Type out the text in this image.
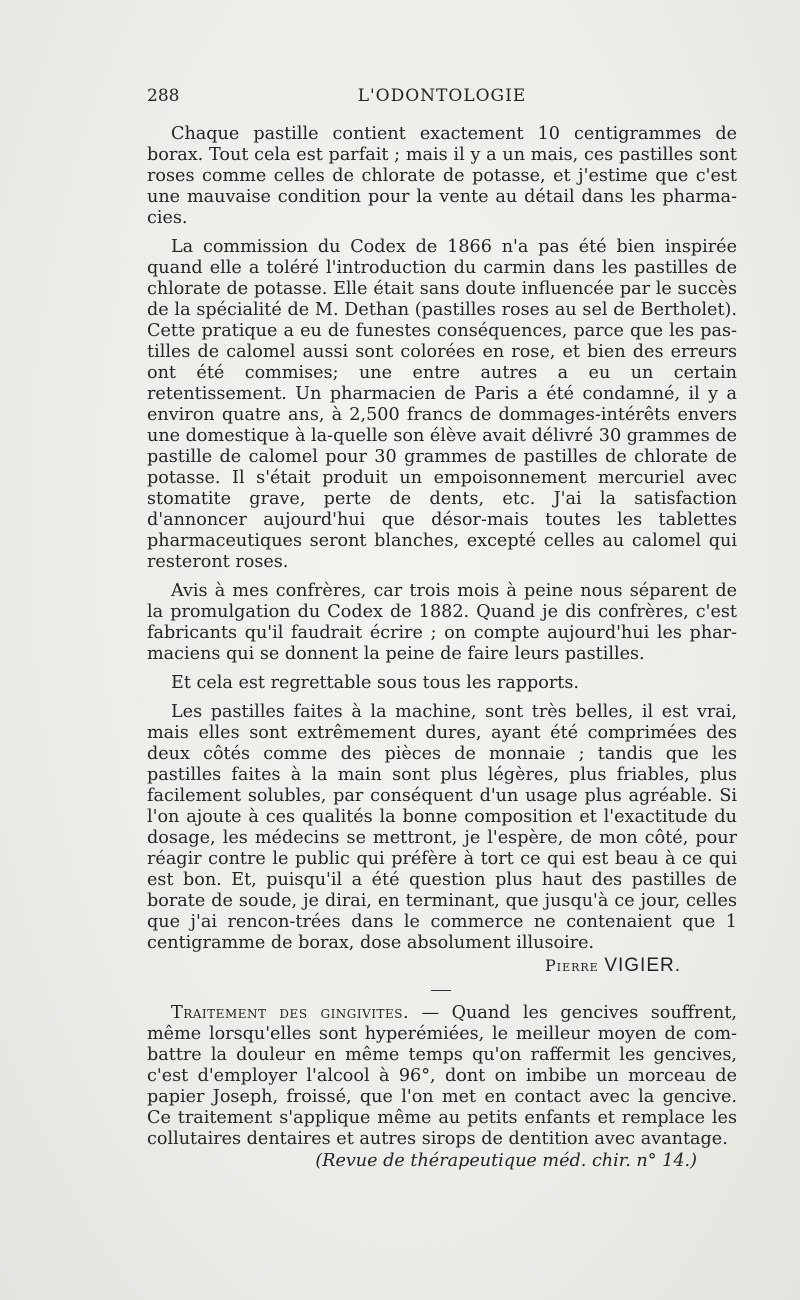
288	L'ODONTOLOGIE

Chaque pastille contient exactement 10 centigrammes de borax. Tout cela est parfait ; mais il y a un mais, ces pastilles sont roses comme celles de chlorate de potasse, et j'estime que c'est une mauvaise condition pour la vente au détail dans les pharma-cies.

La commission du Codex de 1866 n'a pas été bien inspirée quand elle a toléré l'introduction du carmin dans les pastilles de chlorate de potasse. Elle était sans doute influencée par le succès de la spécialité de M. Dethan (pastilles roses au sel de Bertholet). Cette pratique a eu de funestes conséquences, parce que les pas-tilles de calomel aussi sont colorées en rose, et bien des erreurs ont été commises; une entre autres a eu un certain retentissement. Un pharmacien de Paris a été condamné, il y a environ quatre ans, à 2,500 francs de dommages-intérêts envers une domestique à la-quelle son élève avait délivré 30 grammes de pastille de calomel pour 30 grammes de pastilles de chlorate de potasse. Il s'était produit un empoisonnement mercuriel avec stomatite grave, perte de dents, etc. J'ai la satisfaction d'annoncer aujourd'hui que désor-mais toutes les tablettes pharmaceutiques seront blanches, excepté celles au calomel qui resteront roses.

Avis à mes confrères, car trois mois à peine nous séparent de la promulgation du Codex de 1882. Quand je dis confrères, c'est fabricants qu'il faudrait écrire ; on compte aujourd'hui les phar-maciens qui se donnent la peine de faire leurs pastilles.

Et cela est regrettable sous tous les rapports.

Les pastilles faites à la machine, sont très belles, il est vrai, mais elles sont extrêmement dures, ayant été comprimées des deux côtés comme des pièces de monnaie ; tandis que les pastilles faites à la main sont plus légères, plus friables, plus facilement solubles, par conséquent d'un usage plus agréable. Si l'on ajoute à ces qualités la bonne composition et l'exactitude du dosage, les médecins se mettront, je l'espère, de mon côté, pour réagir contre le public qui préfère à tort ce qui est beau à ce qui est bon. Et, puisqu'il a été question plus haut des pastilles de borate de soude, je dirai, en terminant, que jusqu'à ce jour, celles que j'ai rencon-trées dans le commerce ne contenaient que 1 centigramme de borax, dose absolument illusoire.

Pierre VIGIER.

Traitement des gingivites. — Quand les gencives souffrent, même lorsqu'elles sont hyperémiées, le meilleur moyen de com-battre la douleur en même temps qu'on raffermit les gencives, c'est d'employer l'alcool à 96°, dont on imbibe un morceau de papier Joseph, froissé, que l'on met en contact avec la gencive. Ce traitement s'applique même au petits enfants et remplace les collutaires dentaires et autres sirops de dentition avec avantage.

(Revue de thérapeutique méd. chir. n° 14.)
